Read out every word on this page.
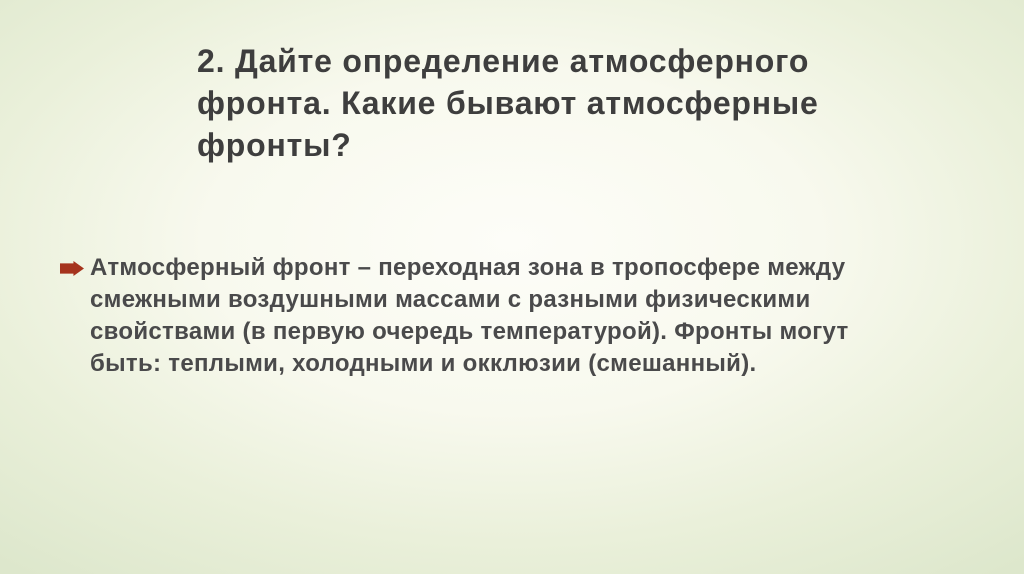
2. Дайте определение атмосферного
фронта. Какие бывают атмосферные
фронты?
Атмосферный фронт – переходная зона в тропосфере между
смежными воздушными массами с разными физическими
свойствами (в первую очередь температурой). Фронты могут
быть: теплыми, холодными и окклюзии (смешанный).
